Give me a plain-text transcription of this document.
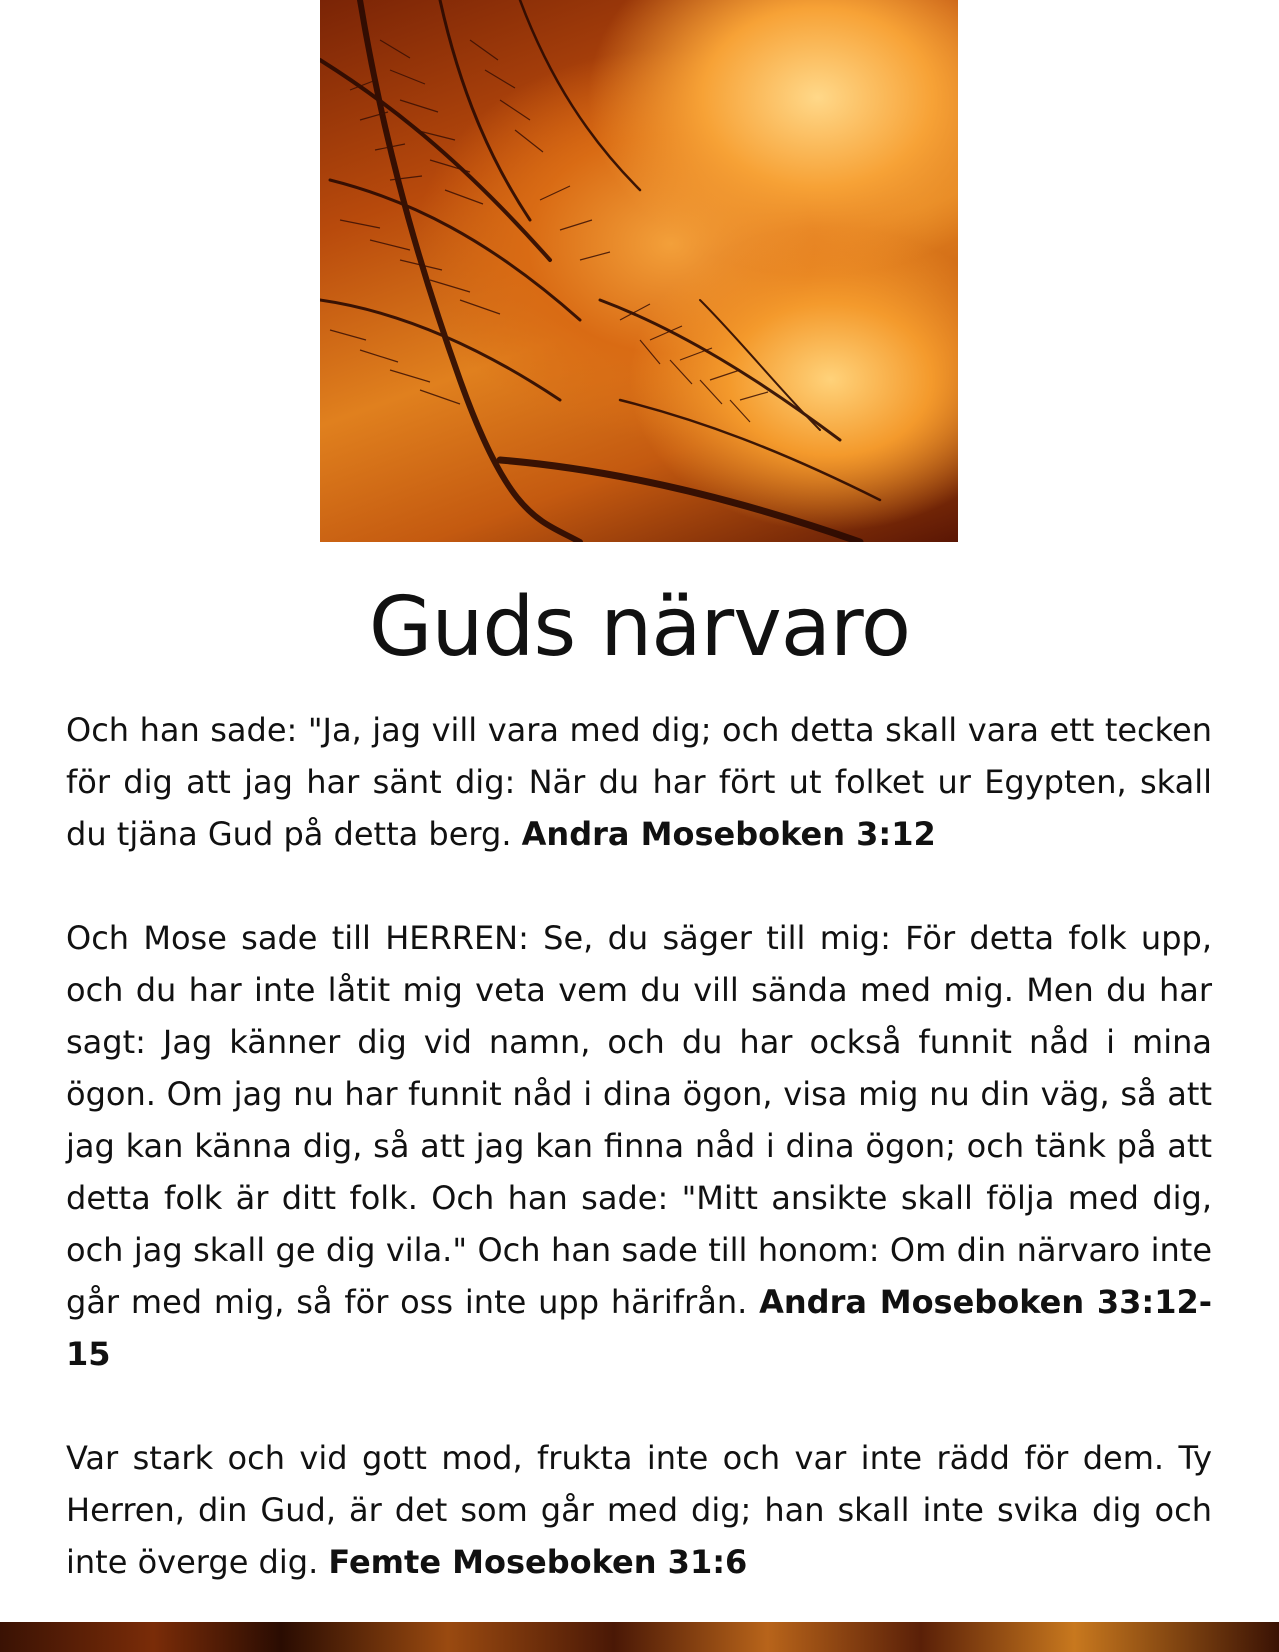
Guds närvaro

Och han sade: "Ja, jag vill vara med dig; och detta skall vara ett tecken för dig att jag har sänt dig: När du har fört ut folket ur Egypten, skall du tjäna Gud på detta berg. Andra Moseboken 3:12

Och Mose sade till HERREN: Se, du säger till mig: För detta folk upp, och du har inte låtit mig veta vem du vill sända med mig. Men du har sagt: Jag känner dig vid namn, och du har också funnit nåd i mina ögon. Om jag nu har funnit nåd i dina ögon, visa mig nu din väg, så att jag kan känna dig, så att jag kan finna nåd i dina ögon; och tänk på att detta folk är ditt folk. Och han sade: "Mitt ansikte skall följa med dig, och jag skall ge dig vila." Och han sade till honom: Om din närvaro inte går med mig, så för oss inte upp härifrån. Andra Moseboken 33:12-15

Var stark och vid gott mod, frukta inte och var inte rädd för dem. Ty Herren, din Gud, är det som går med dig; han skall inte svika dig och inte överge dig. Femte Moseboken 31:6
